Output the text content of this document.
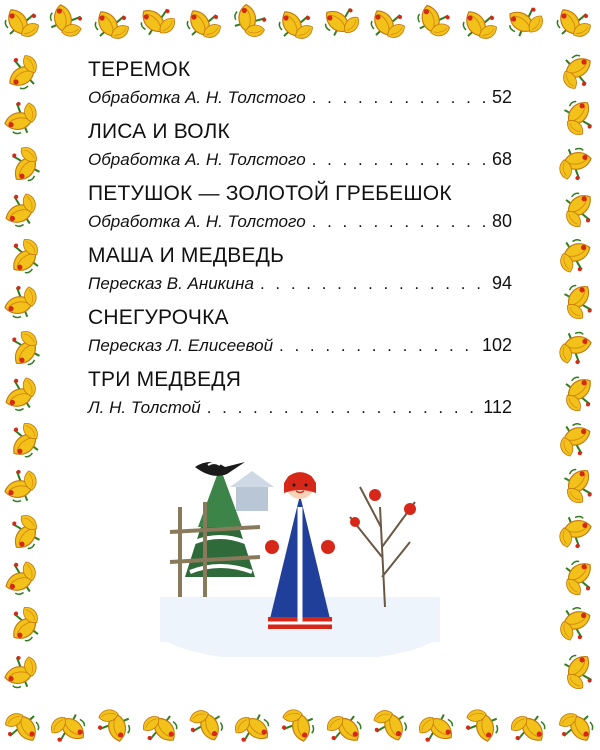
ТЕРЕМОК
Обработка А. Н. Толстого . . .	52
ЛИСА И ВОЛК
Обработка А. Н. Толстого . . .	68
ПЕТУШОК — ЗОЛОТОЙ ГРЕБЕШОК
Обработка А. Н. Толстого . . .	80
МАША И МЕДВЕДЬ
Пересказ В. Аникина . . .	94
СНЕГУРОЧКА
Пересказ Л. Елисеевой . . .	102
ТРИ МЕДВЕДЯ
Л. Н. Толстой . . .	112
